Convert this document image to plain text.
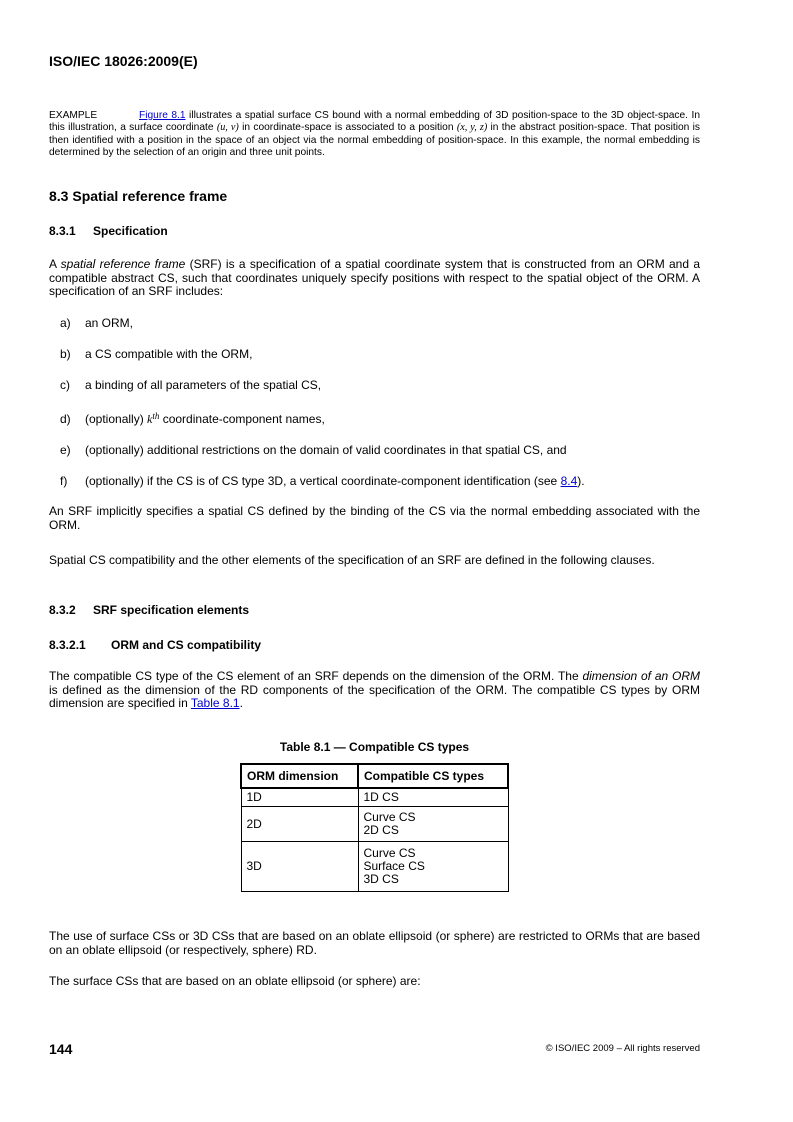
ISO/IEC 18026:2009(E)
EXAMPLE	Figure 8.1 illustrates a spatial surface CS bound with a normal embedding of 3D position-space to the 3D object-space. In this illustration, a surface coordinate (u, v) in coordinate-space is associated to a position (x, y, z) in the abstract position-space. That position is then identified with a position in the space of an object via the normal embedding of position-space. In this example, the normal embedding is determined by the selection of an origin and three unit points.
8.3 Spatial reference frame
8.3.1 Specification
A spatial reference frame (SRF) is a specification of a spatial coordinate system that is constructed from an ORM and a compatible abstract CS, such that coordinates uniquely specify positions with respect to the spatial object of the ORM. A specification of an SRF includes:
a) an ORM,
b) a CS compatible with the ORM,
c) a binding of all parameters of the spatial CS,
d) (optionally) $k^{th}$ coordinate-component names,
e) (optionally) additional restrictions on the domain of valid coordinates in that spatial CS, and
f) (optionally) if the CS is of CS type 3D, a vertical coordinate-component identification (see 8.4).
An SRF implicitly specifies a spatial CS defined by the binding of the CS via the normal embedding associated with the ORM.
Spatial CS compatibility and the other elements of the specification of an SRF are defined in the following clauses.
8.3.2 SRF specification elements
8.3.2.1 ORM and CS compatibility
The compatible CS type of the CS element of an SRF depends on the dimension of the ORM. The dimension of an ORM is defined as the dimension of the RD components of the specification of the ORM. The compatible CS types by ORM dimension are specified in Table 8.1.
Table 8.1 — Compatible CS types
ORM dimension	Compatible CS types
1D	1D CS

2D	Curve CS
2D CS

3D	Curve CS
Surface CS
3D CS
The use of surface CSs or 3D CSs that are based on an oblate ellipsoid (or sphere) are restricted to ORMs that are based on an oblate ellipsoid (or respectively, sphere) RD.
The surface CSs that are based on an oblate ellipsoid (or sphere) are:
144	© ISO/IEC 2009 – All rights reserved
